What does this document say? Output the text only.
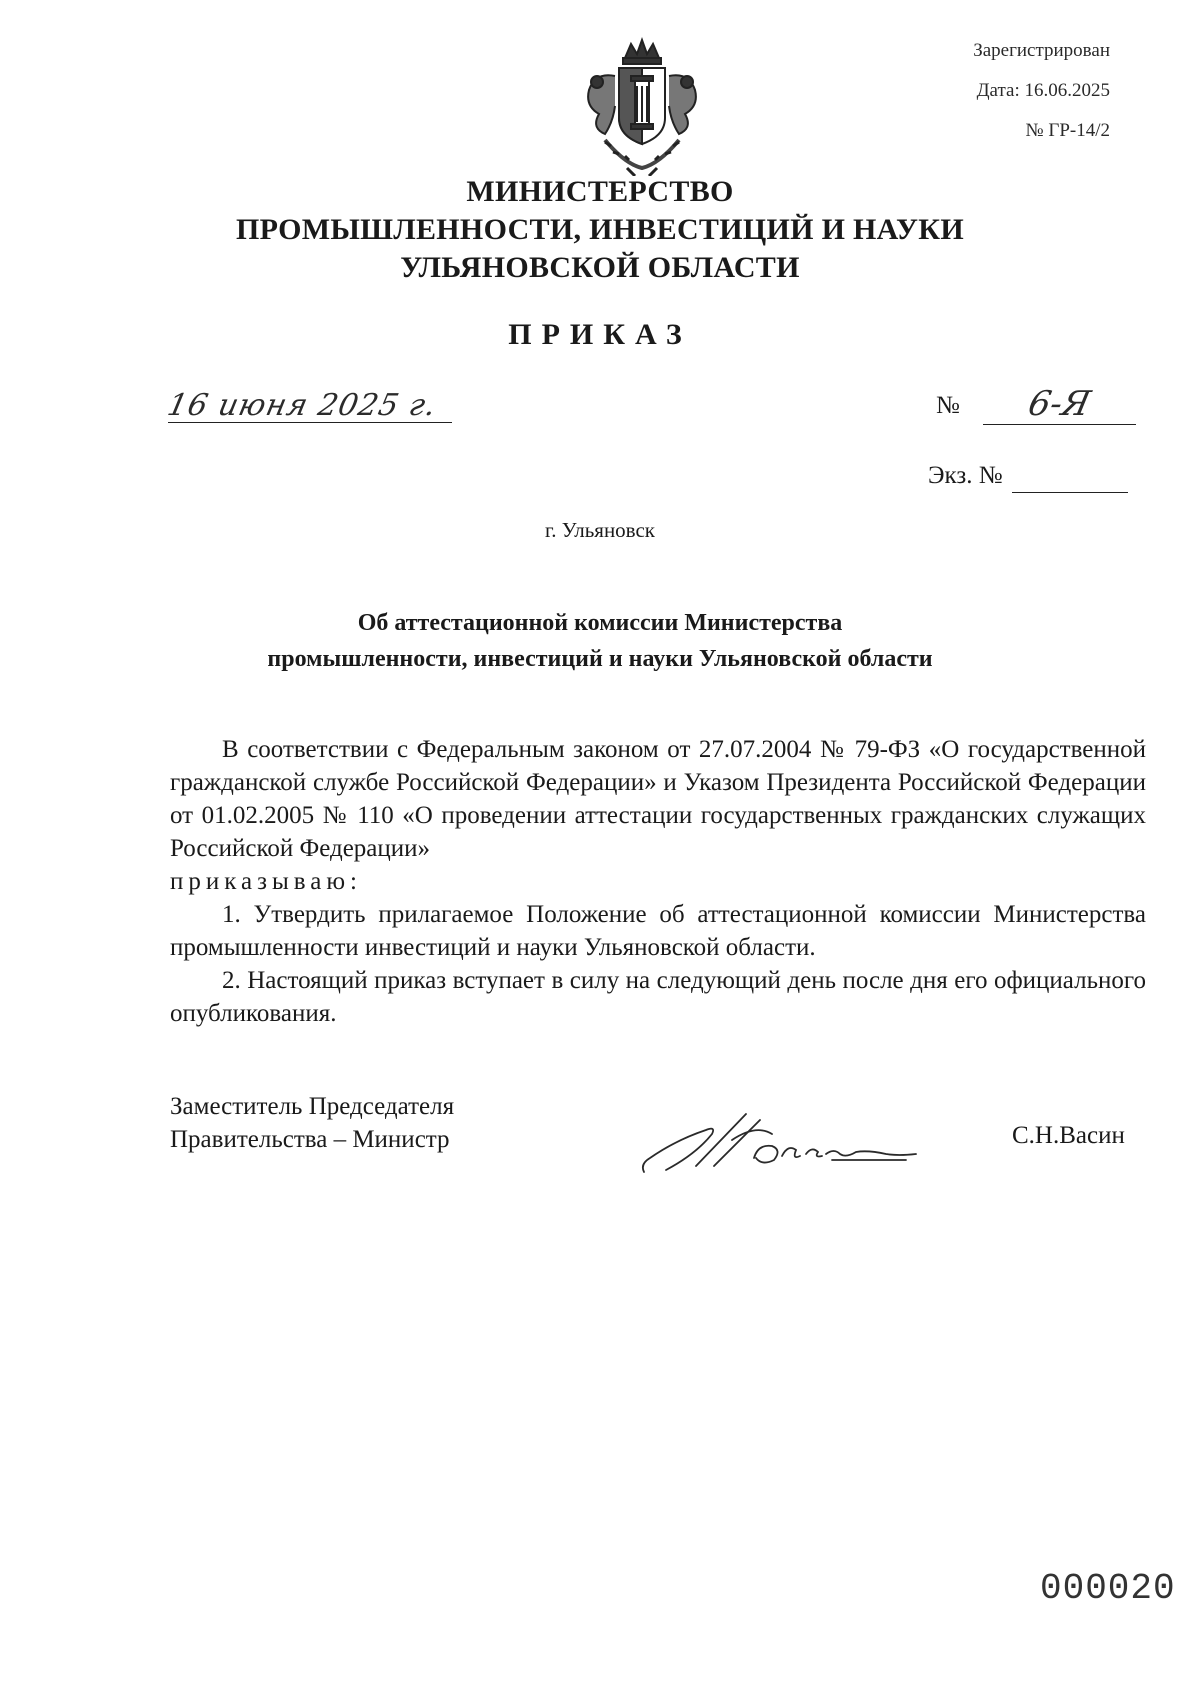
Зарегистрирован
Дата: 16.06.2025
№ ГР-14/2
МИНИСТЕРСТВО
ПРОМЫШЛЕННОСТИ, ИНВЕСТИЦИЙ И НАУКИ
УЛЬЯНОВСКОЙ ОБЛАСТИ
ПРИКАЗ
16 июня 2025 г.	№	6-Я
Экз. №
г. Ульяновск
Об аттестационной комиссии Министерства
промышленности, инвестиций и науки Ульяновской области

В соответствии с Федеральным законом от 27.07.2004 № 79-ФЗ «О государственной гражданской службе Российской Федерации» и Указом Президента Российской Федерации от 01.02.2005 № 110 «О проведении аттестации государственных гражданских служащих Российской Федерации»

приказываю:

1. Утвердить прилагаемое Положение об аттестационной комиссии Министерства промышленности инвестиций и науки Ульяновской области.

2. Настоящий приказ вступает в силу на следующий день после дня его официального опубликования.

Заместитель Председателя
Правительства – Министр	С.Н.Васин
000020
